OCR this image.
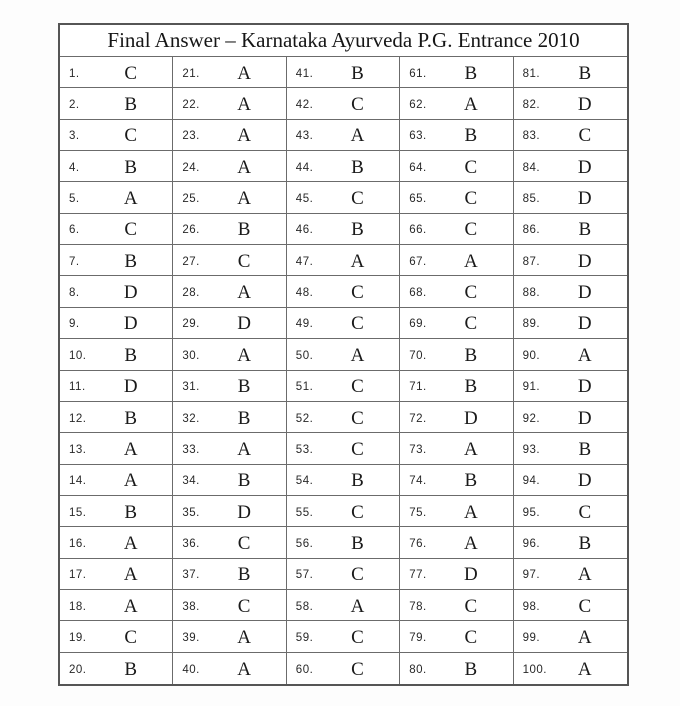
Final Answer – Karnataka Ayurveda P.G. Entrance 2010
1.	C	21.	A	41.	B	61.	B	81.	B
2.	B	22.	A	42.	C	62.	A	82.	D
3.	C	23.	A	43.	A	63.	B	83.	C
4.	B	24.	A	44.	B	64.	C	84.	D
5.	A	25.	A	45.	C	65.	C	85.	D
6.	C	26.	B	46.	B	66.	C	86.	B
7.	B	27.	C	47.	A	67.	A	87.	D
8.	D	28.	A	48.	C	68.	C	88.	D
9.	D	29.	D	49.	C	69.	C	89.	D
10.	B	30.	A	50.	A	70.	B	90.	A
11.	D	31.	B	51.	C	71.	B	91.	D
12.	B	32.	B	52.	C	72.	D	92.	D
13.	A	33.	A	53.	C	73.	A	93.	B
14.	A	34.	B	54.	B	74.	B	94.	D
15.	B	35.	D	55.	C	75.	A	95.	C
16.	A	36.	C	56.	B	76.	A	96.	B
17.	A	37.	B	57.	C	77.	D	97.	A
18.	A	38.	C	58.	A	78.	C	98.	C
19.	C	39.	A	59.	C	79.	C	99.	A
20.	B	40.	A	60.	C	80.	B	100.	A
